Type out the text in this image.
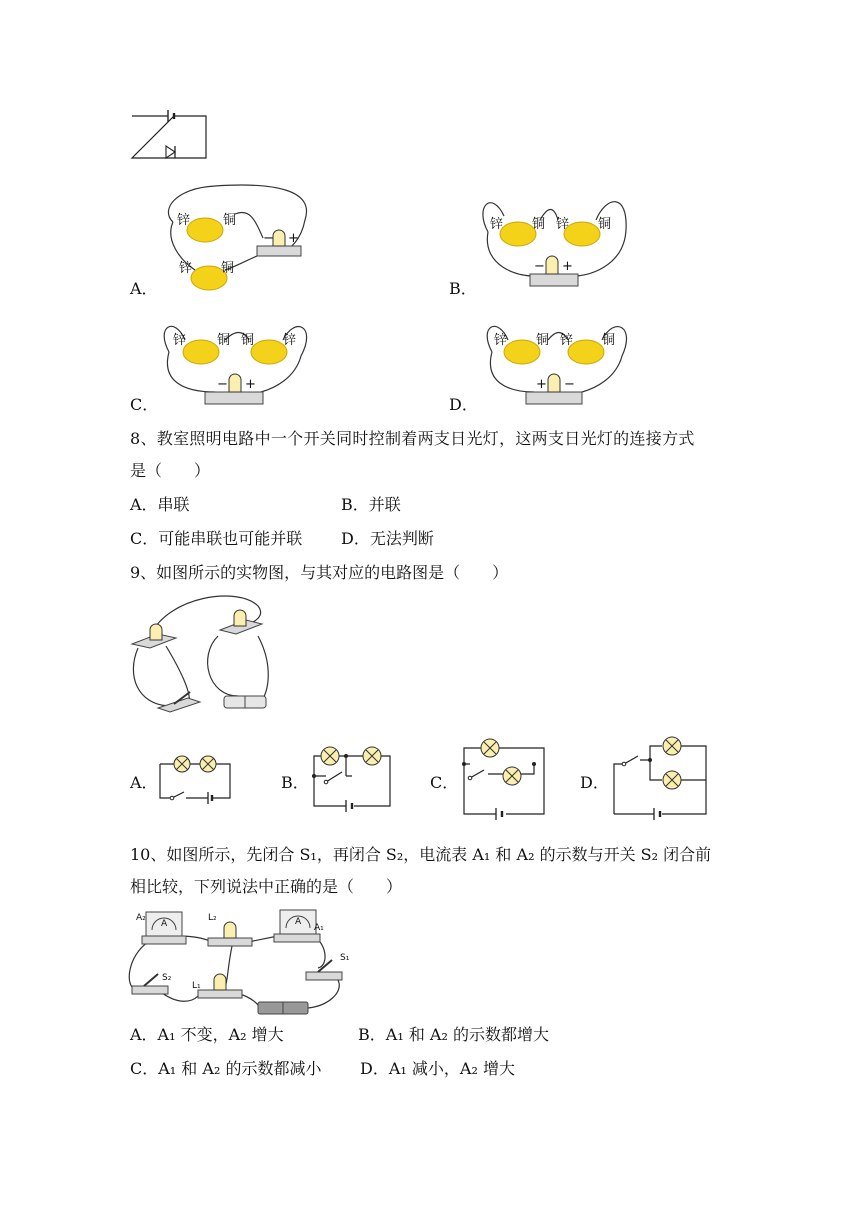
A．
锌	铜
锌 铜
− +
B．
锌 铜 锌 铜
− +
C．
锌 铜 铜 锌
− +
D．
锌 铜 锌 铜
+ −
8、教室照明电路中一个开关同时控制着两支日光灯，这两支日光灯的连接方式
是（　　）
A．串联	B．并联
C．可能串联也可能并联 D．无法判断
9、如图所示的实物图，与其对应的电路图是（　　）
A．	B．	C．	D．
10、如图所示，先闭合 S₁，再闭合 S₂，电流表 A₁ 和 A₂ 的示数与开关 S₂ 闭合前
相比较，下列说法中正确的是（　　）
A
A₂	L₂	A
A₁
S₂
S₁
L₁
A．A₁ 不变，A₂ 增大	B．A₁ 和 A₂ 的示数都增大
C．A₁ 和 A₂ 的示数都减小 D．A₁ 减小，A₂ 增大
